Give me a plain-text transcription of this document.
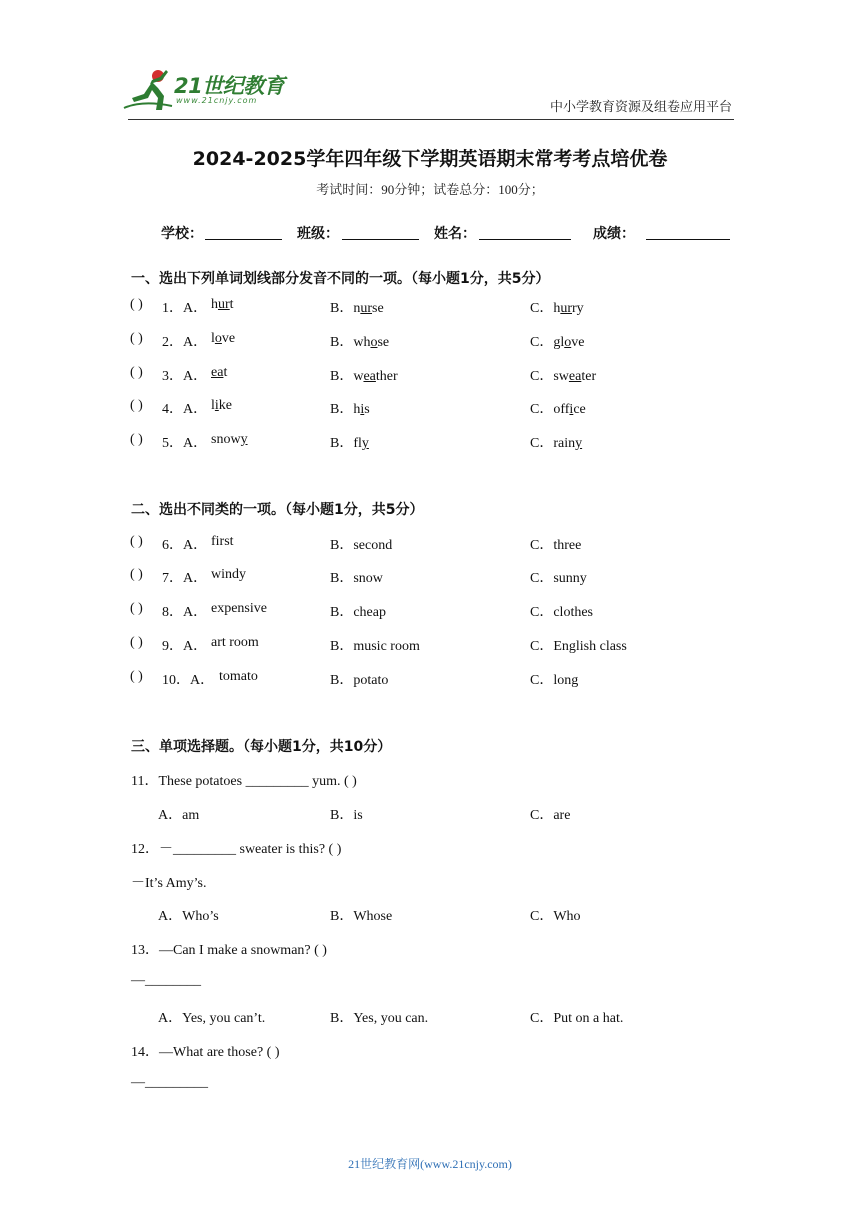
21世纪教育
www.21cnjy.com	中小学教育资源及组卷应用平台
2024-2025学年四年级下学期英语期末常考考点培优卷
考试时间：90分钟；试卷总分：100分；
学校：	班级：	姓名：	成绩：
一、选出下列单词划线部分发音不同的一项。（每小题1分，共5分）
( ) 1．A． hurt	B．nurse	C．hurry
( ) 2．A． love	B．whose	C．glove
( ) 3．A． eat	B．weather	C．sweater
( ) 4．A． like	B．his	C．office
( ) 5．A． snowy	B．fly	C．rainy
二、选出不同类的一项。（每小题1分，共5分）
( ) 6．A． first	B．second	C．three
( ) 7．A． windy	B．snow	C．sunny
( ) 8．A． expensive	B．cheap	C．clothes
( ) 9．A． art room	B．music room	C．English class
( ) 10．A． tomato	B．potato	C．long
三、单项选择题。（每小题1分，共10分）
11．These potatoes _________ yum. ( )
A．am	B．is	C．are
12．－_________ sweater is this? ( )
－It’s Amy’s.
A．Who’s	B．Whose	C．Who
13．—Can I make a snowman? ( )
—________
A．Yes, you can’t.	B．Yes, you can.	C．Put on a hat.
14．—What are those? ( )
—_________
21世纪教育网(www.21cnjy.com)
